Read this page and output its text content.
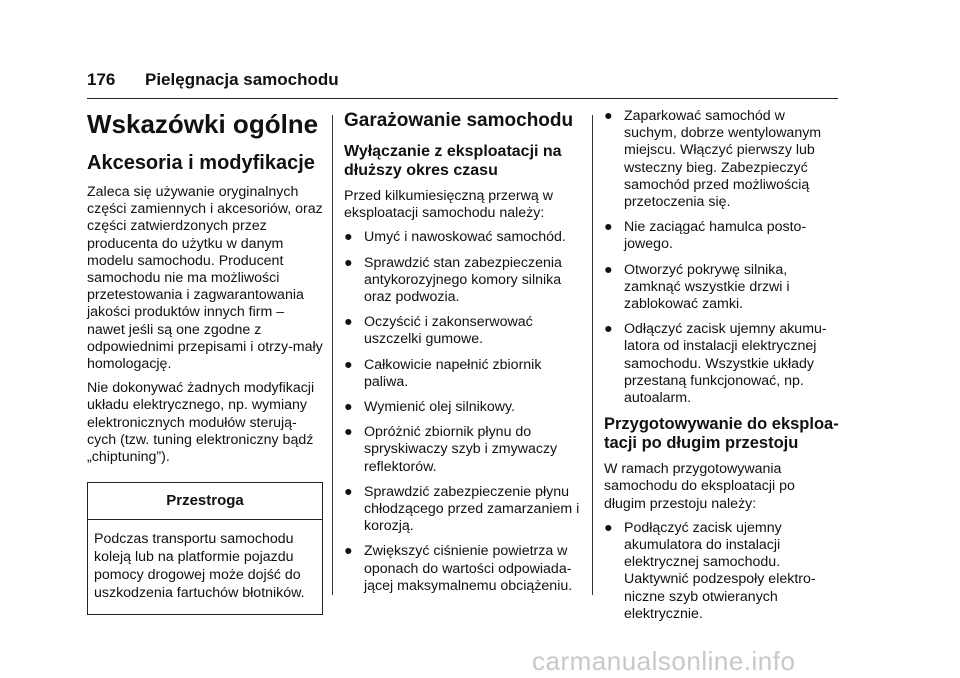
176 Pielęgnacja samochodu
Wskazówki ogólne
Akcesoria i modyfikacje

Zaleca się używanie oryginalnych części zamiennych i akcesoriów, oraz części zatwierdzonych przez producenta do użytku w danym modelu samochodu. Producent samochodu nie ma możliwości przetestowania i zagwarantowania jakości produktów innych firm – nawet jeśli są one zgodne z odpowiednimi przepisami i otrzy-mały homologację.

Nie dokonywać żadnych modyfikacji układu elektrycznego, np. wymiany elektronicznych modułów sterują-cych (tzw. tuning elektroniczny bądź „chiptuning”).

Przestroga
Podczas transportu samochodu koleją lub na platformie pojazdu pomocy drogowej może dojść do uszkodzenia fartuchów błotników.
Garażowanie samochodu
Wyłączanie z eksploatacji na dłuższy okres czasu

Przed kilkumiesięczną przerwą w eksploatacji samochodu należy:

● Umyć i nawoskować samochód.
● Sprawdzić stan zabezpieczenia antykorozyjnego komory silnika oraz podwozia.
● Oczyścić i zakonserwować uszczelki gumowe.
● Całkowicie napełnić zbiornik paliwa.
● Wymienić olej silnikowy.
● Opróżnić zbiornik płynu do spryskiwaczy szyb i zmywaczy reflektorów.
● Sprawdzić zabezpieczenie płynu chłodzącego przed zamarzaniem i korozją.
● Zwiększyć ciśnienie powietrza w oponach do wartości odpowiada-jącej maksymalnemu obciążeniu.
● Zaparkować samochód w suchym, dobrze wentylowanym miejscu. Włączyć pierwszy lub wsteczny bieg. Zabezpieczyć samochód przed możliwością przetoczenia się.
● Nie zaciągać hamulca posto-jowego.
● Otworzyć pokrywę silnika, zamknąć wszystkie drzwi i zablokować zamki.
● Odłączyć zacisk ujemny akumu-latora od instalacji elektrycznej samochodu. Wszystkie układy przestaną funkcjonować, np. autoalarm.
Przygotowywanie do eksploa-tacji po długim przestoju

W ramach przygotowywania samochodu do eksploatacji po długim przestoju należy:

● Podłączyć zacisk ujemny akumulatora do instalacji elektrycznej samochodu. Uaktywnić podzespoły elektro-niczne szyb otwieranych elektrycznie.
carmanualsonline.info
